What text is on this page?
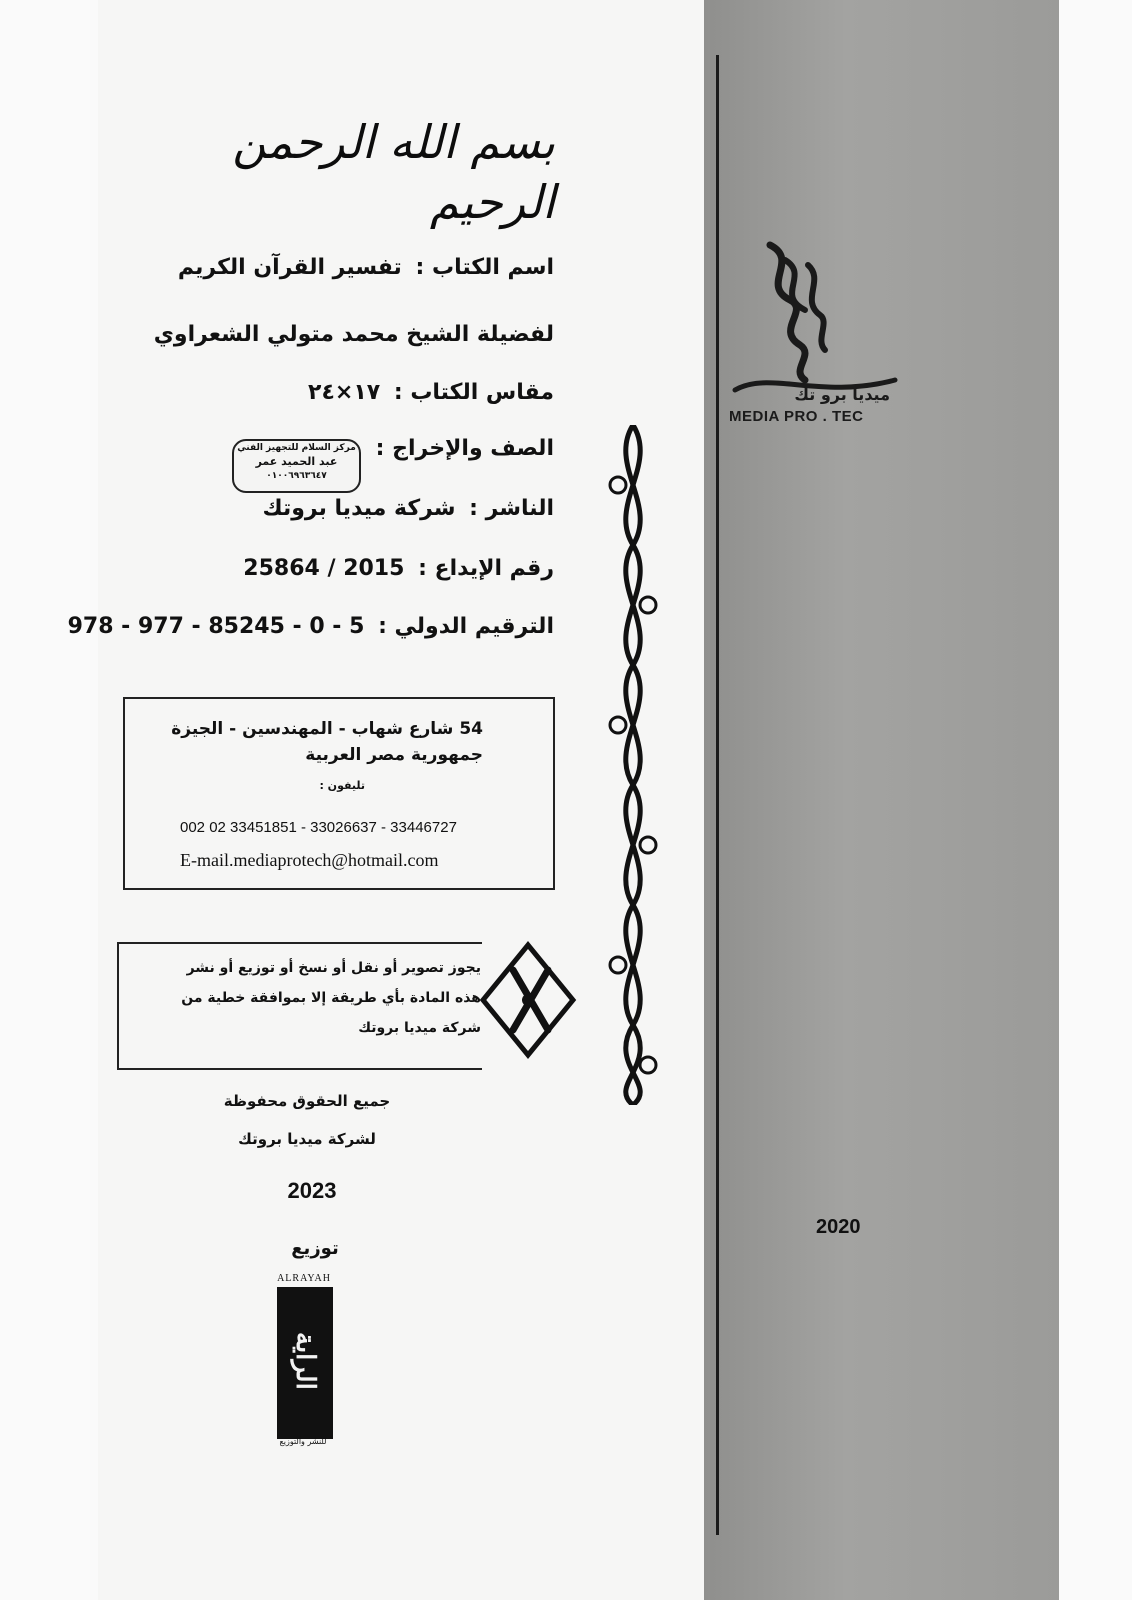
بسم الله الرحمن الرحيم
اسم الكتاب : تفسير القرآن الكريم
لفضيلة الشيخ محمد متولي الشعراوي
مقاس الكتاب : ١٧×٢٤
الصف والإخراج :
مركز السلام للتجهيز الفني
عبد الحميد عمر
٠١٠٠٦٩٦٣٦٤٧
الناشر : شركة ميديا بروتك
رقم الإيداع : 25864 / 2015
الترقيم الدولي : 978 - 977 - 85245 - 0 - 5
54 شارع شهاب - المهندسين - الجيزة
جمهورية مصر العربية
تليفون :
002 02 33451851 - 33026637 - 33446727
E-mail.mediaprotech@hotmail.com
يجوز تصوير أو نقل أو نسخ أو توزيع أو نشر
هذه المادة بأي طريقة إلا بموافقة خطية من
شركة ميديا بروتك
جميع الحقوق محفوظة
لشركة ميديا بروتك
2023
توزيع
ALRAYAH
الراية
للنشر والتوزيع
ميديا برو تك
MEDIA PRO . TEC
2020
